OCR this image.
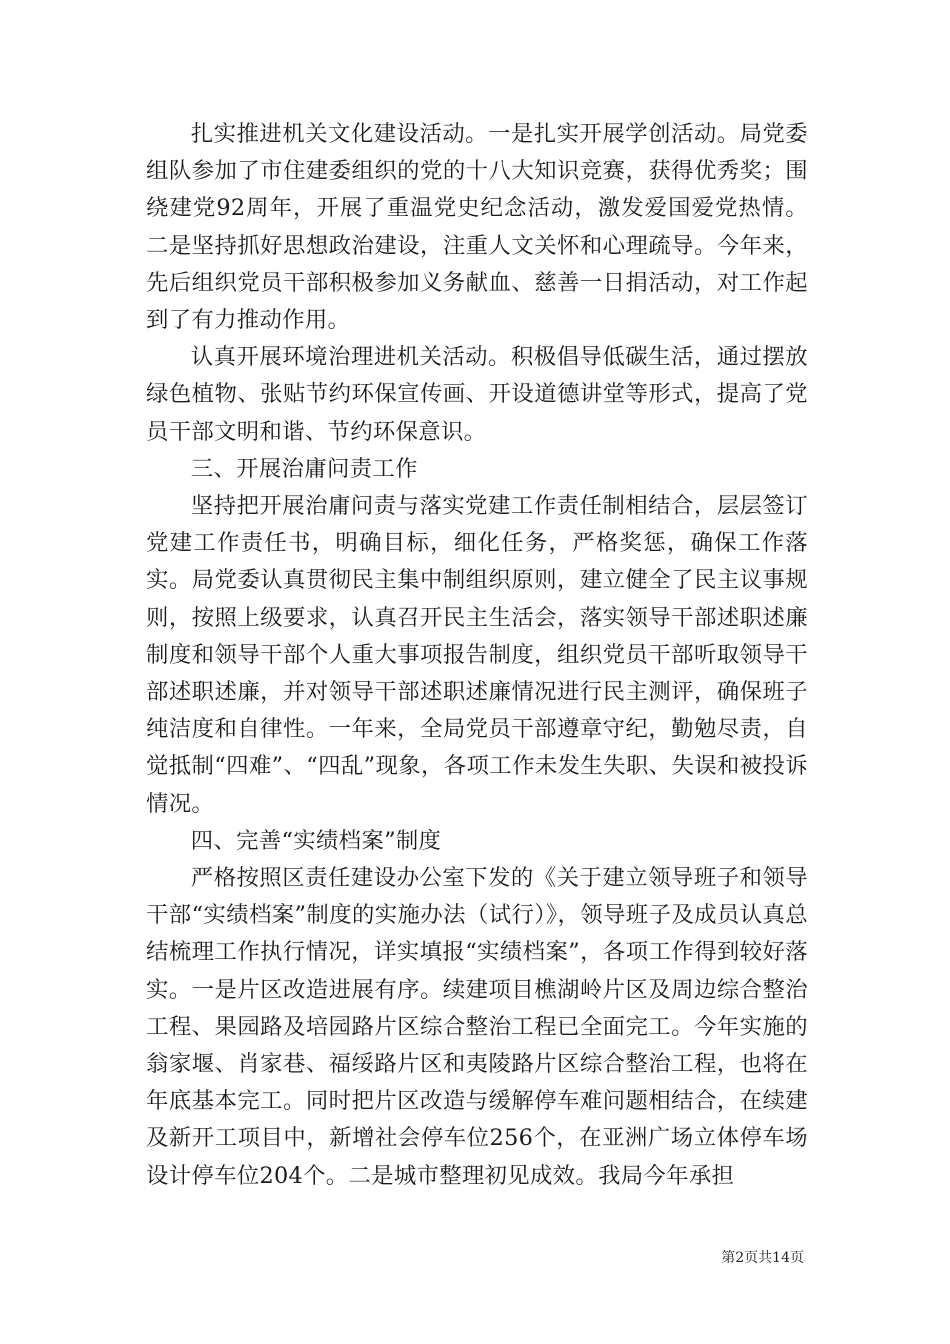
扎实推进机关文化建设活动。一是扎实开展学创活动。局党委组队参加了市住建委组织的党的十八大知识竞赛，获得优秀奖；围绕建党92周年，开展了重温党史纪念活动，激发爱国爱党热情。二是坚持抓好思想政治建设，注重人文关怀和心理疏导。今年来，先后组织党员干部积极参加义务献血、慈善一日捐活动，对工作起到了有力推动作用。

认真开展环境治理进机关活动。积极倡导低碳生活，通过摆放绿色植物、张贴节约环保宣传画、开设道德讲堂等形式，提高了党员干部文明和谐、节约环保意识。

三、开展治庸问责工作

坚持把开展治庸问责与落实党建工作责任制相结合，层层签订党建工作责任书，明确目标，细化任务，严格奖惩，确保工作落实。局党委认真贯彻民主集中制组织原则，建立健全了民主议事规则，按照上级要求，认真召开民主生活会，落实领导干部述职述廉制度和领导干部个人重大事项报告制度，组织党员干部听取领导干部述职述廉，并对领导干部述职述廉情况进行民主测评，确保班子纯洁度和自律性。一年来，全局党员干部遵章守纪，勤勉尽责，自觉抵制“四难”、“四乱”现象，各项工作未发生失职、失误和被投诉情况。

四、完善“实绩档案”制度

严格按照区责任建设办公室下发的《关于建立领导班子和领导干部“实绩档案”制度的实施办法（试行）》，领导班子及成员认真总结梳理工作执行情况，详实填报“实绩档案”，各项工作得到较好落实。一是片区改造进展有序。续建项目樵湖岭片区及周边综合整治工程、果园路及培园路片区综合整治工程已全面完工。今年实施的翁家堰、肖家巷、福绥路片区和夷陵路片区综合整治工程，也将在年底基本完工。同时把片区改造与缓解停车难问题相结合，在续建及新开工项目中，新增社会停车位256个，在亚洲广场立体停车场设计停车位204个。二是城市整理初见成效。我局今年承担

第2页共14页
